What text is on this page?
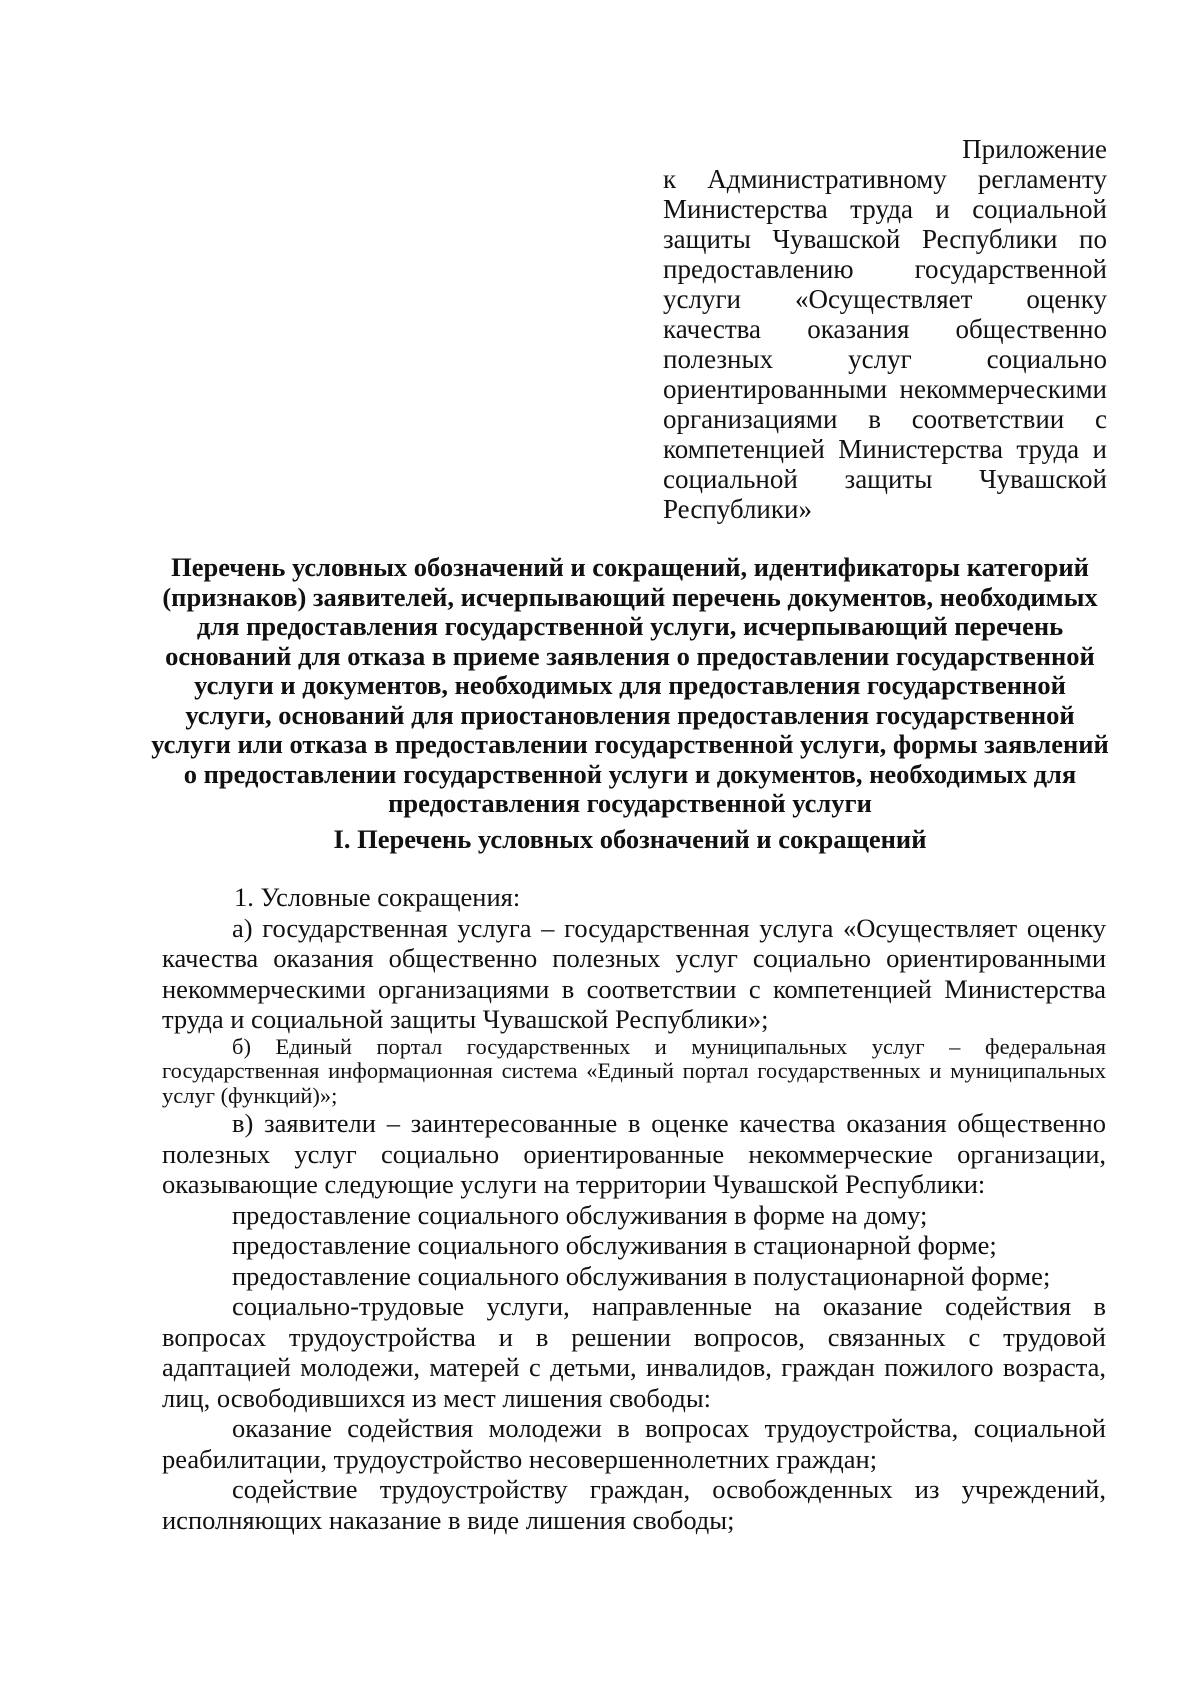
Приложение
к Административному регламенту Министерства труда и социальной защиты Чувашской Республики по предоставлению государственной услуги «Осуществляет оценку качества оказания общественно полезных услуг социально ориентированными некоммерческими организациями в соответствии с компетенцией Министерства труда и социальной защиты Чувашской Республики»
Перечень условных обозначений и сокращений, идентификаторы категорий (признаков) заявителей, исчерпывающий перечень документов, необходимых для предоставления государственной услуги, исчерпывающий перечень оснований для отказа в приеме заявления о предоставлении государственной услуги и документов, необходимых для предоставления государственной услуги, оснований для приостановления предоставления государственной услуги или отказа в предоставлении государственной услуги, формы заявлений о предоставлении государственной услуги и документов, необходимых для предоставления государственной услуги
I. Перечень условных обозначений и сокращений

1. Условные сокращения:

а) государственная услуга – государственная услуга «Осуществляет оценку качества оказания общественно полезных услуг социально ориентированными некоммерческими организациями в соответствии с компетенцией Министерства труда и социальной защиты Чувашской Республики»;

б) Единый портал государственных и муниципальных услуг – федеральная государственная информационная система «Единый портал государственных и муниципальных услуг (функций)»;

в) заявители – заинтересованные в оценке качества оказания общественно полезных услуг социально ориентированные некоммерческие организации, оказывающие следующие услуги на территории Чувашской Республики:

предоставление социального обслуживания в форме на дому;

предоставление социального обслуживания в стационарной форме;

предоставление социального обслуживания в полустационарной форме;

социально-трудовые услуги, направленные на оказание содействия в вопросах трудоустройства и в решении вопросов, связанных с трудовой адаптацией молодежи, матерей с детьми, инвалидов, граждан пожилого возраста, лиц, освободившихся из мест лишения свободы:

оказание содействия молодежи в вопросах трудоустройства, социальной реабилитации, трудоустройство несовершеннолетних граждан;

содействие трудоустройству граждан, освобожденных из учреждений, исполняющих наказание в виде лишения свободы;
